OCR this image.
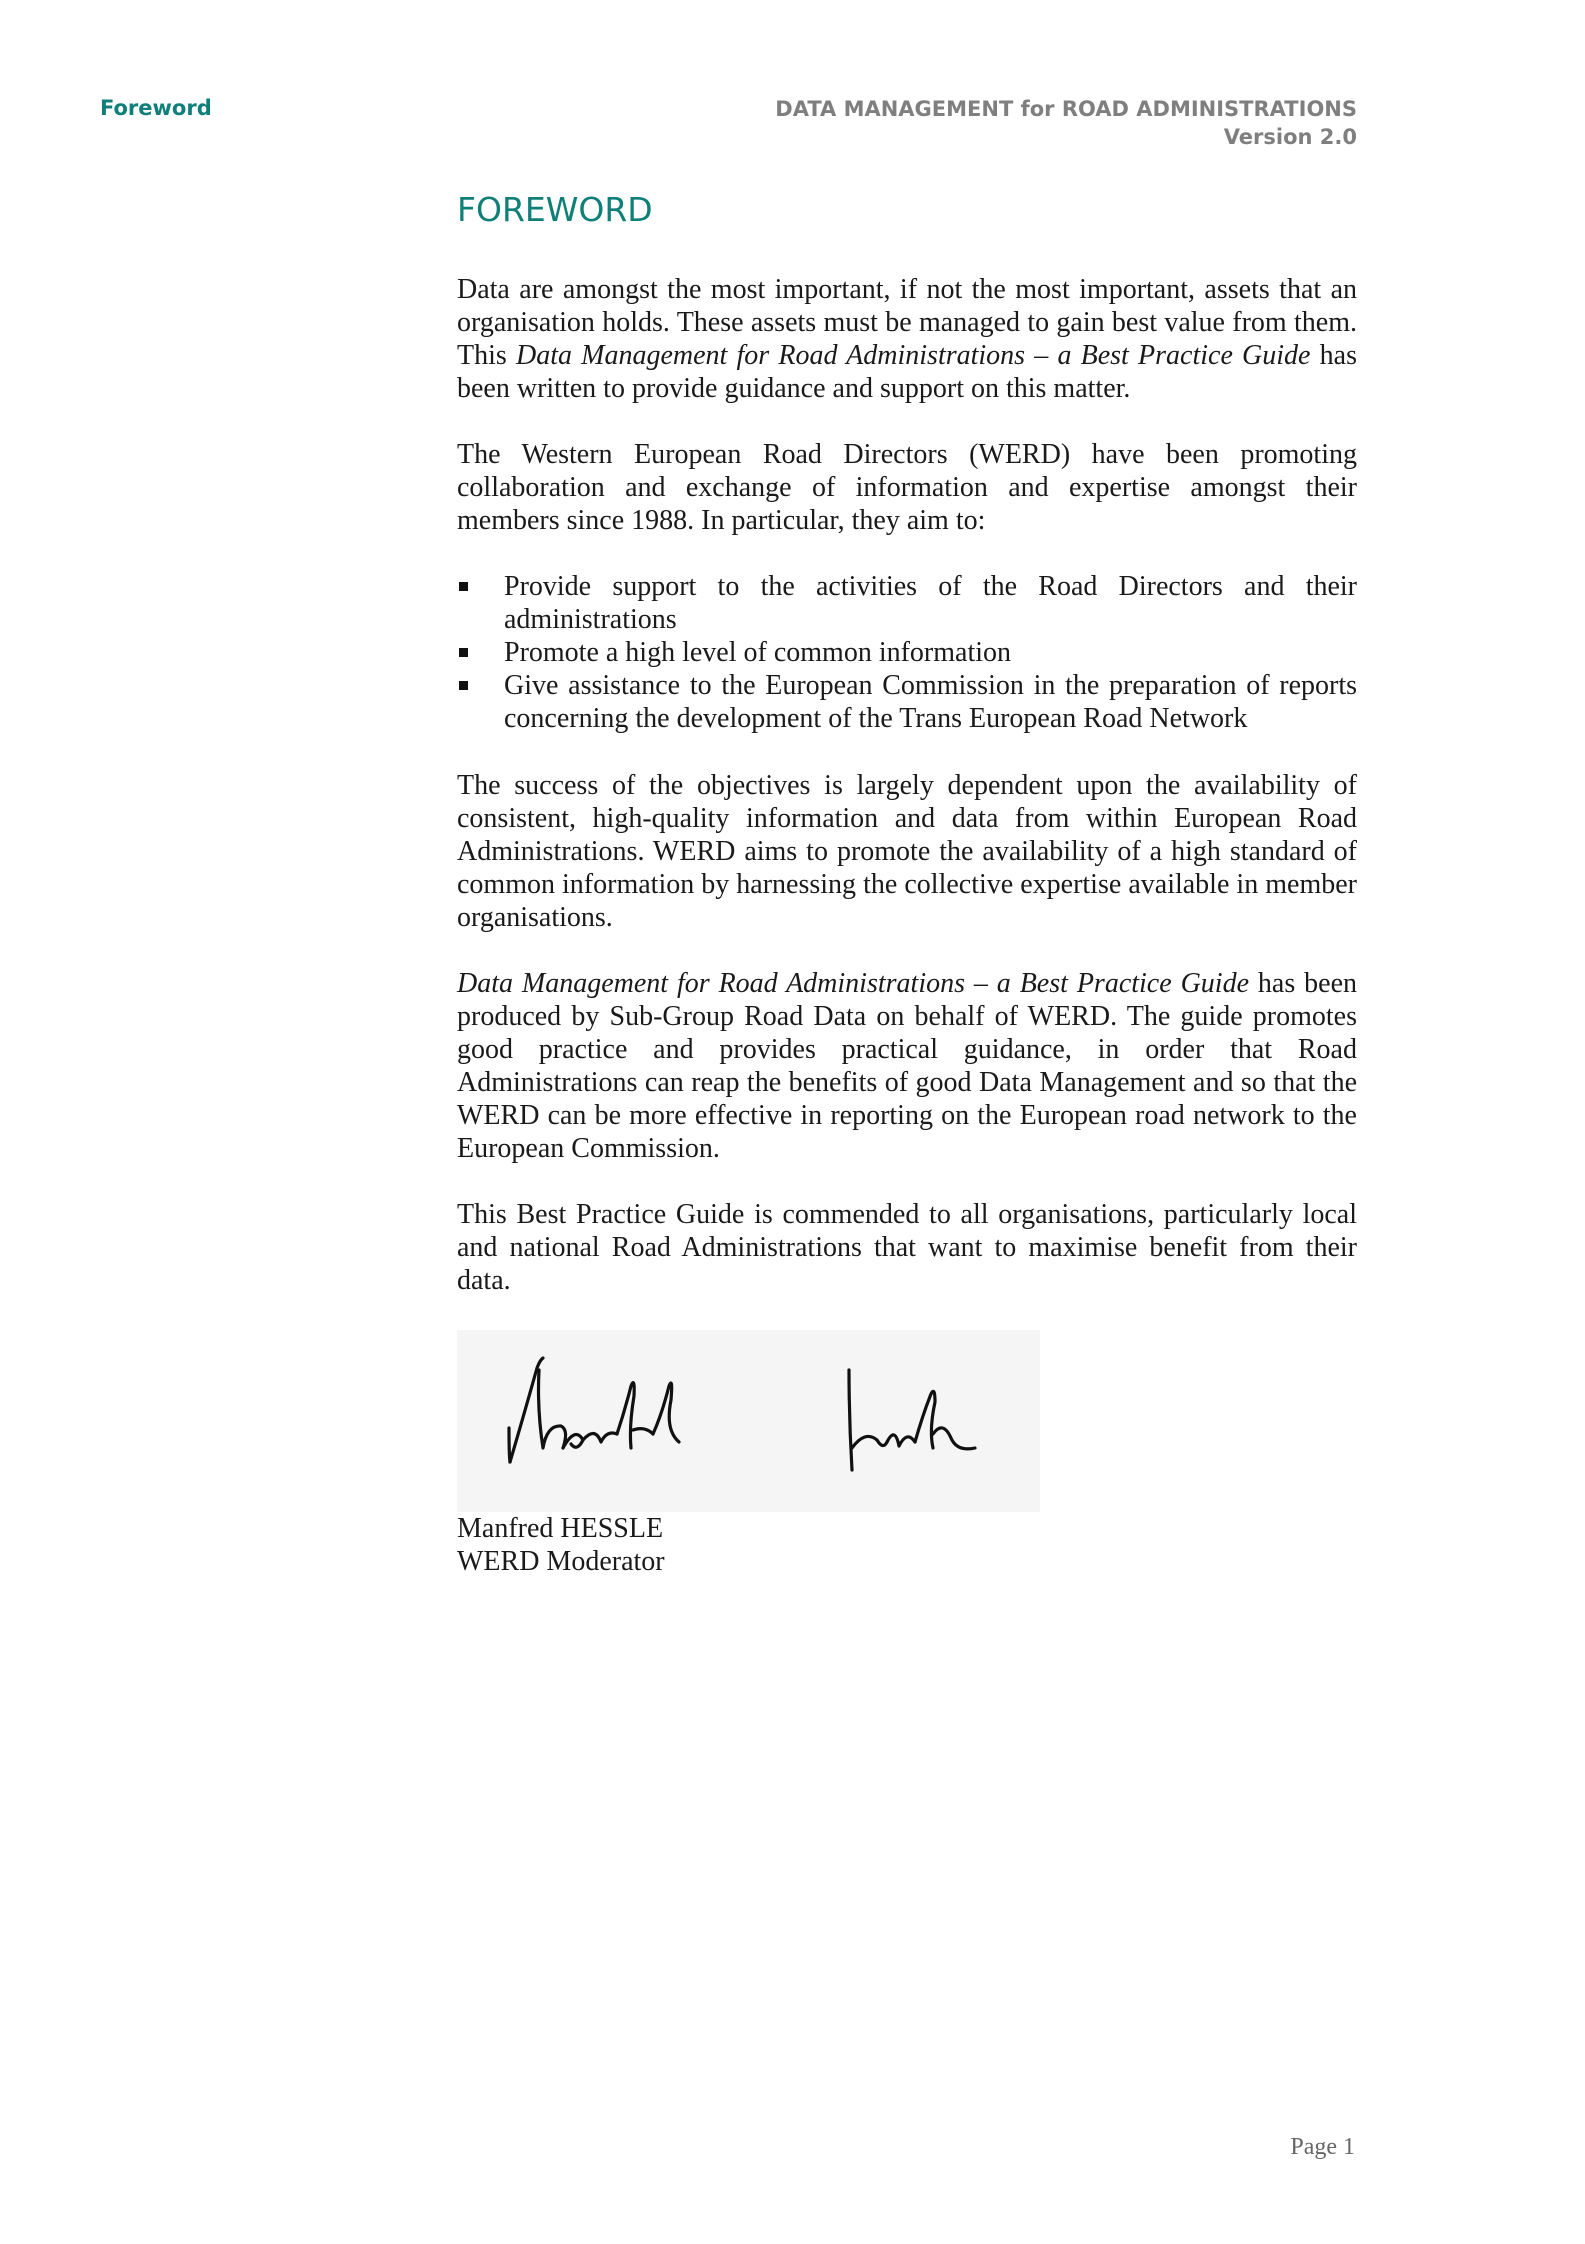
Foreword	DATA MANAGEMENT for ROAD ADMINISTRATIONS
Version 2.0
FOREWORD

Data are amongst the most important, if not the most important, assets that an organisation holds. These assets must be managed to gain best value from them. This Data Management for Road Administrations – a Best Practice Guide has been written to provide guidance and support on this matter.

The Western European Road Directors (WERD) have been promoting collaboration and exchange of information and expertise amongst their members since 1988. In particular, they aim to:

Provide support to the activities of the Road Directors and their administrations
Promote a high level of common information
Give assistance to the European Commission in the preparation of reports concerning the development of the Trans European Road Network

The success of the objectives is largely dependent upon the availability of consistent, high-quality information and data from within European Road Administrations. WERD aims to promote the availability of a high standard of common information by harnessing the collective expertise available in member organisations.

Data Management for Road Administrations – a Best Practice Guide has been produced by Sub-Group Road Data on behalf of WERD. The guide promotes good practice and provides practical guidance, in order that Road Administrations can reap the benefits of good Data Management and so that the WERD can be more effective in reporting on the European road network to the European Commission.

This Best Practice Guide is commended to all organisations, particularly local and national Road Administrations that want to maximise benefit from their data.

Manfred HESSLE
WERD Moderator
Page 1
